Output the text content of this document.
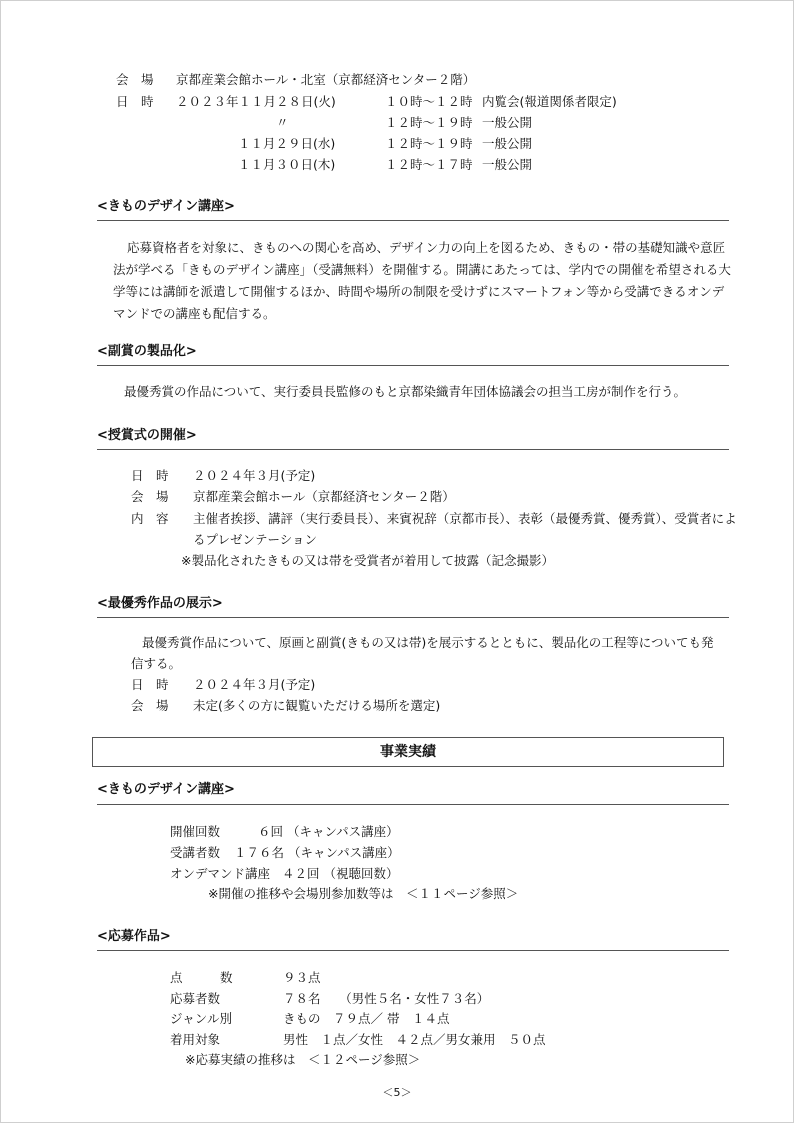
会　場 京都産業会館ホール・北室（京都経済センター２階）
日　時 ２０２３年１１月２８日(火)	１０時～１２時 内覧会(報道関係者限定)
〃	１２時～１９時 一般公開
１１月２９日(水)	１２時～１９時 一般公開
１１月３０日(木)	１２時～１７時 一般公開
<きものデザイン講座>
応募資格者を対象に、きものへの関心を高め、デザイン力の向上を図るため、きもの・帯の基礎知識や意匠法が学べる「きものデザイン講座」（受講無料）を開催する。開講にあたっては、学内での開催を希望される大学等には講師を派遣して開催するほか、時間や場所の制限を受けずにスマートフォン等から受講できるオンデマンドでの講座も配信する。
<副賞の製品化>
最優秀賞の作品について、実行委員長監修のもと京都染織青年団体協議会の担当工房が制作を行う。
<授賞式の開催>
日　時 ２０２４年３月(予定)
会　場 京都産業会館ホール（京都経済センター２階）
内　容 主催者挨拶、講評（実行委員長）、来賓祝辞（京都市長）、表彰（最優秀賞、優秀賞）、受賞者によ
るプレゼンテーション
※製品化されたきもの又は帯を受賞者が着用して披露（記念撮影）
<最優秀作品の展示>
最優秀賞作品について、原画と副賞(きもの又は帯)を展示するとともに、製品化の工程等についても発
信する。
日　時 ２０２４年３月(予定)
会　場 未定(多くの方に観覧いただける場所を選定)
事業実績
<きものデザイン講座>
開催回数	６回 （キャンパス講座）
受講者数 １７６名 （キャンパス講座）
オンデマンド講座 ４２回 （視聴回数）
※開催の推移や会場別参加数等は　＜１１ページ参照＞
<応募作品>
点　　　数	９３点
応募者数	７８名　　（男性５名・女性７３名）
ジャンル別	きもの　７９点／ 帯　１４点
着用対象	男性　１点／女性　４２点／男女兼用　５０点
※応募実績の推移は　＜１２ページ参照＞
＜5＞
